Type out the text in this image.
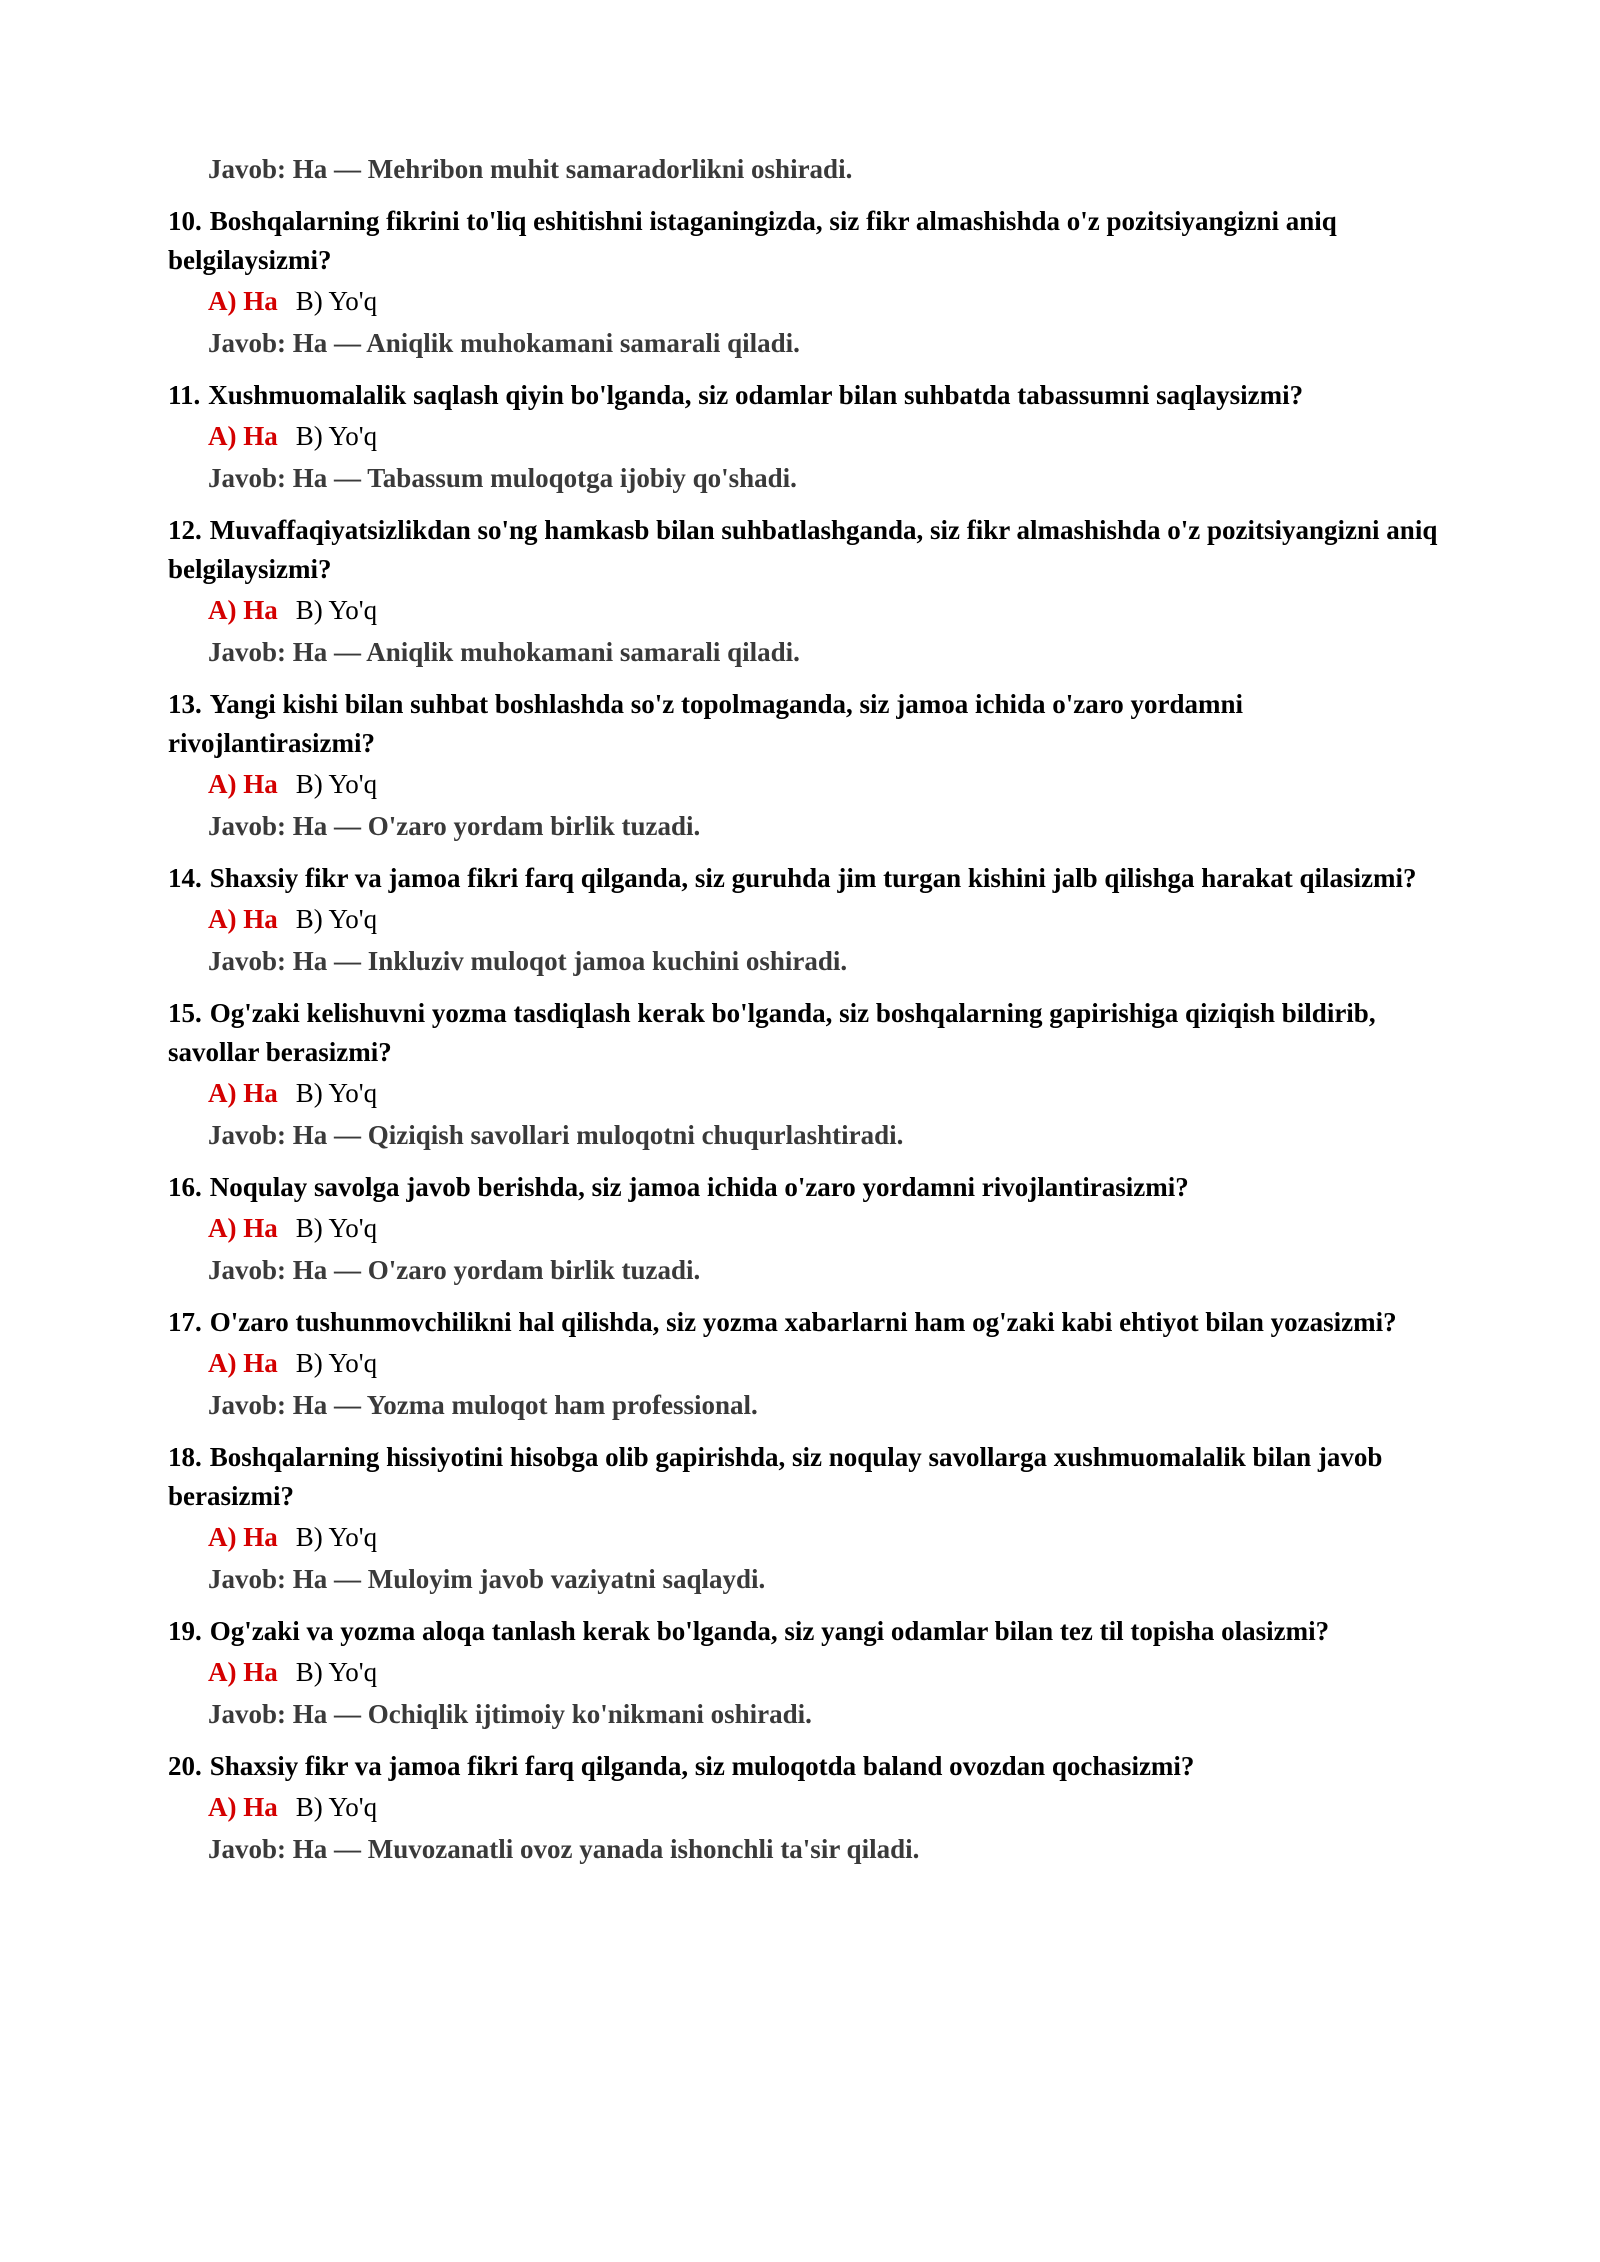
Javob: Ha — Mehribon muhit samaradorlikni oshiradi.

10. Boshqalarning fikrini to'liq eshitishni istaganingizda, siz fikr almashishda o'z pozitsiyangizni aniq belgilaysizmi?

A) Ha B) Yo'q

Javob: Ha — Aniqlik muhokamani samarali qiladi.

11. Xushmuomalalik saqlash qiyin bo'lganda, siz odamlar bilan suhbatda tabassumni saqlaysizmi?

A) Ha B) Yo'q

Javob: Ha — Tabassum muloqotga ijobiy qo'shadi.

12. Muvaffaqiyatsizlikdan so'ng hamkasb bilan suhbatlashganda, siz fikr almashishda o'z pozitsiyangizni aniq belgilaysizmi?

A) Ha B) Yo'q

Javob: Ha — Aniqlik muhokamani samarali qiladi.

13. Yangi kishi bilan suhbat boshlashda so'z topolmaganda, siz jamoa ichida o'zaro yordamni rivojlantirasizmi?

A) Ha B) Yo'q

Javob: Ha — O'zaro yordam birlik tuzadi.

14. Shaxsiy fikr va jamoa fikri farq qilganda, siz guruhda jim turgan kishini jalb qilishga harakat qilasizmi?

A) Ha B) Yo'q

Javob: Ha — Inkluziv muloqot jamoa kuchini oshiradi.

15. Og'zaki kelishuvni yozma tasdiqlash kerak bo'lganda, siz boshqalarning gapirishiga qiziqish bildirib, savollar berasizmi?

A) Ha B) Yo'q

Javob: Ha — Qiziqish savollari muloqotni chuqurlashtiradi.

16. Noqulay savolga javob berishda, siz jamoa ichida o'zaro yordamni rivojlantirasizmi?

A) Ha B) Yo'q

Javob: Ha — O'zaro yordam birlik tuzadi.

17. O'zaro tushunmovchilikni hal qilishda, siz yozma xabarlarni ham og'zaki kabi ehtiyot bilan yozasizmi?

A) Ha B) Yo'q

Javob: Ha — Yozma muloqot ham professional.

18. Boshqalarning hissiyotini hisobga olib gapirishda, siz noqulay savollarga xushmuomalalik bilan javob berasizmi?

A) Ha B) Yo'q

Javob: Ha — Muloyim javob vaziyatni saqlaydi.

19. Og'zaki va yozma aloqa tanlash kerak bo'lganda, siz yangi odamlar bilan tez til topisha olasizmi?

A) Ha B) Yo'q

Javob: Ha — Ochiqlik ijtimoiy ko'nikmani oshiradi.

20. Shaxsiy fikr va jamoa fikri farq qilganda, siz muloqotda baland ovozdan qochasizmi?

A) Ha B) Yo'q

Javob: Ha — Muvozanatli ovoz yanada ishonchli ta'sir qiladi.
